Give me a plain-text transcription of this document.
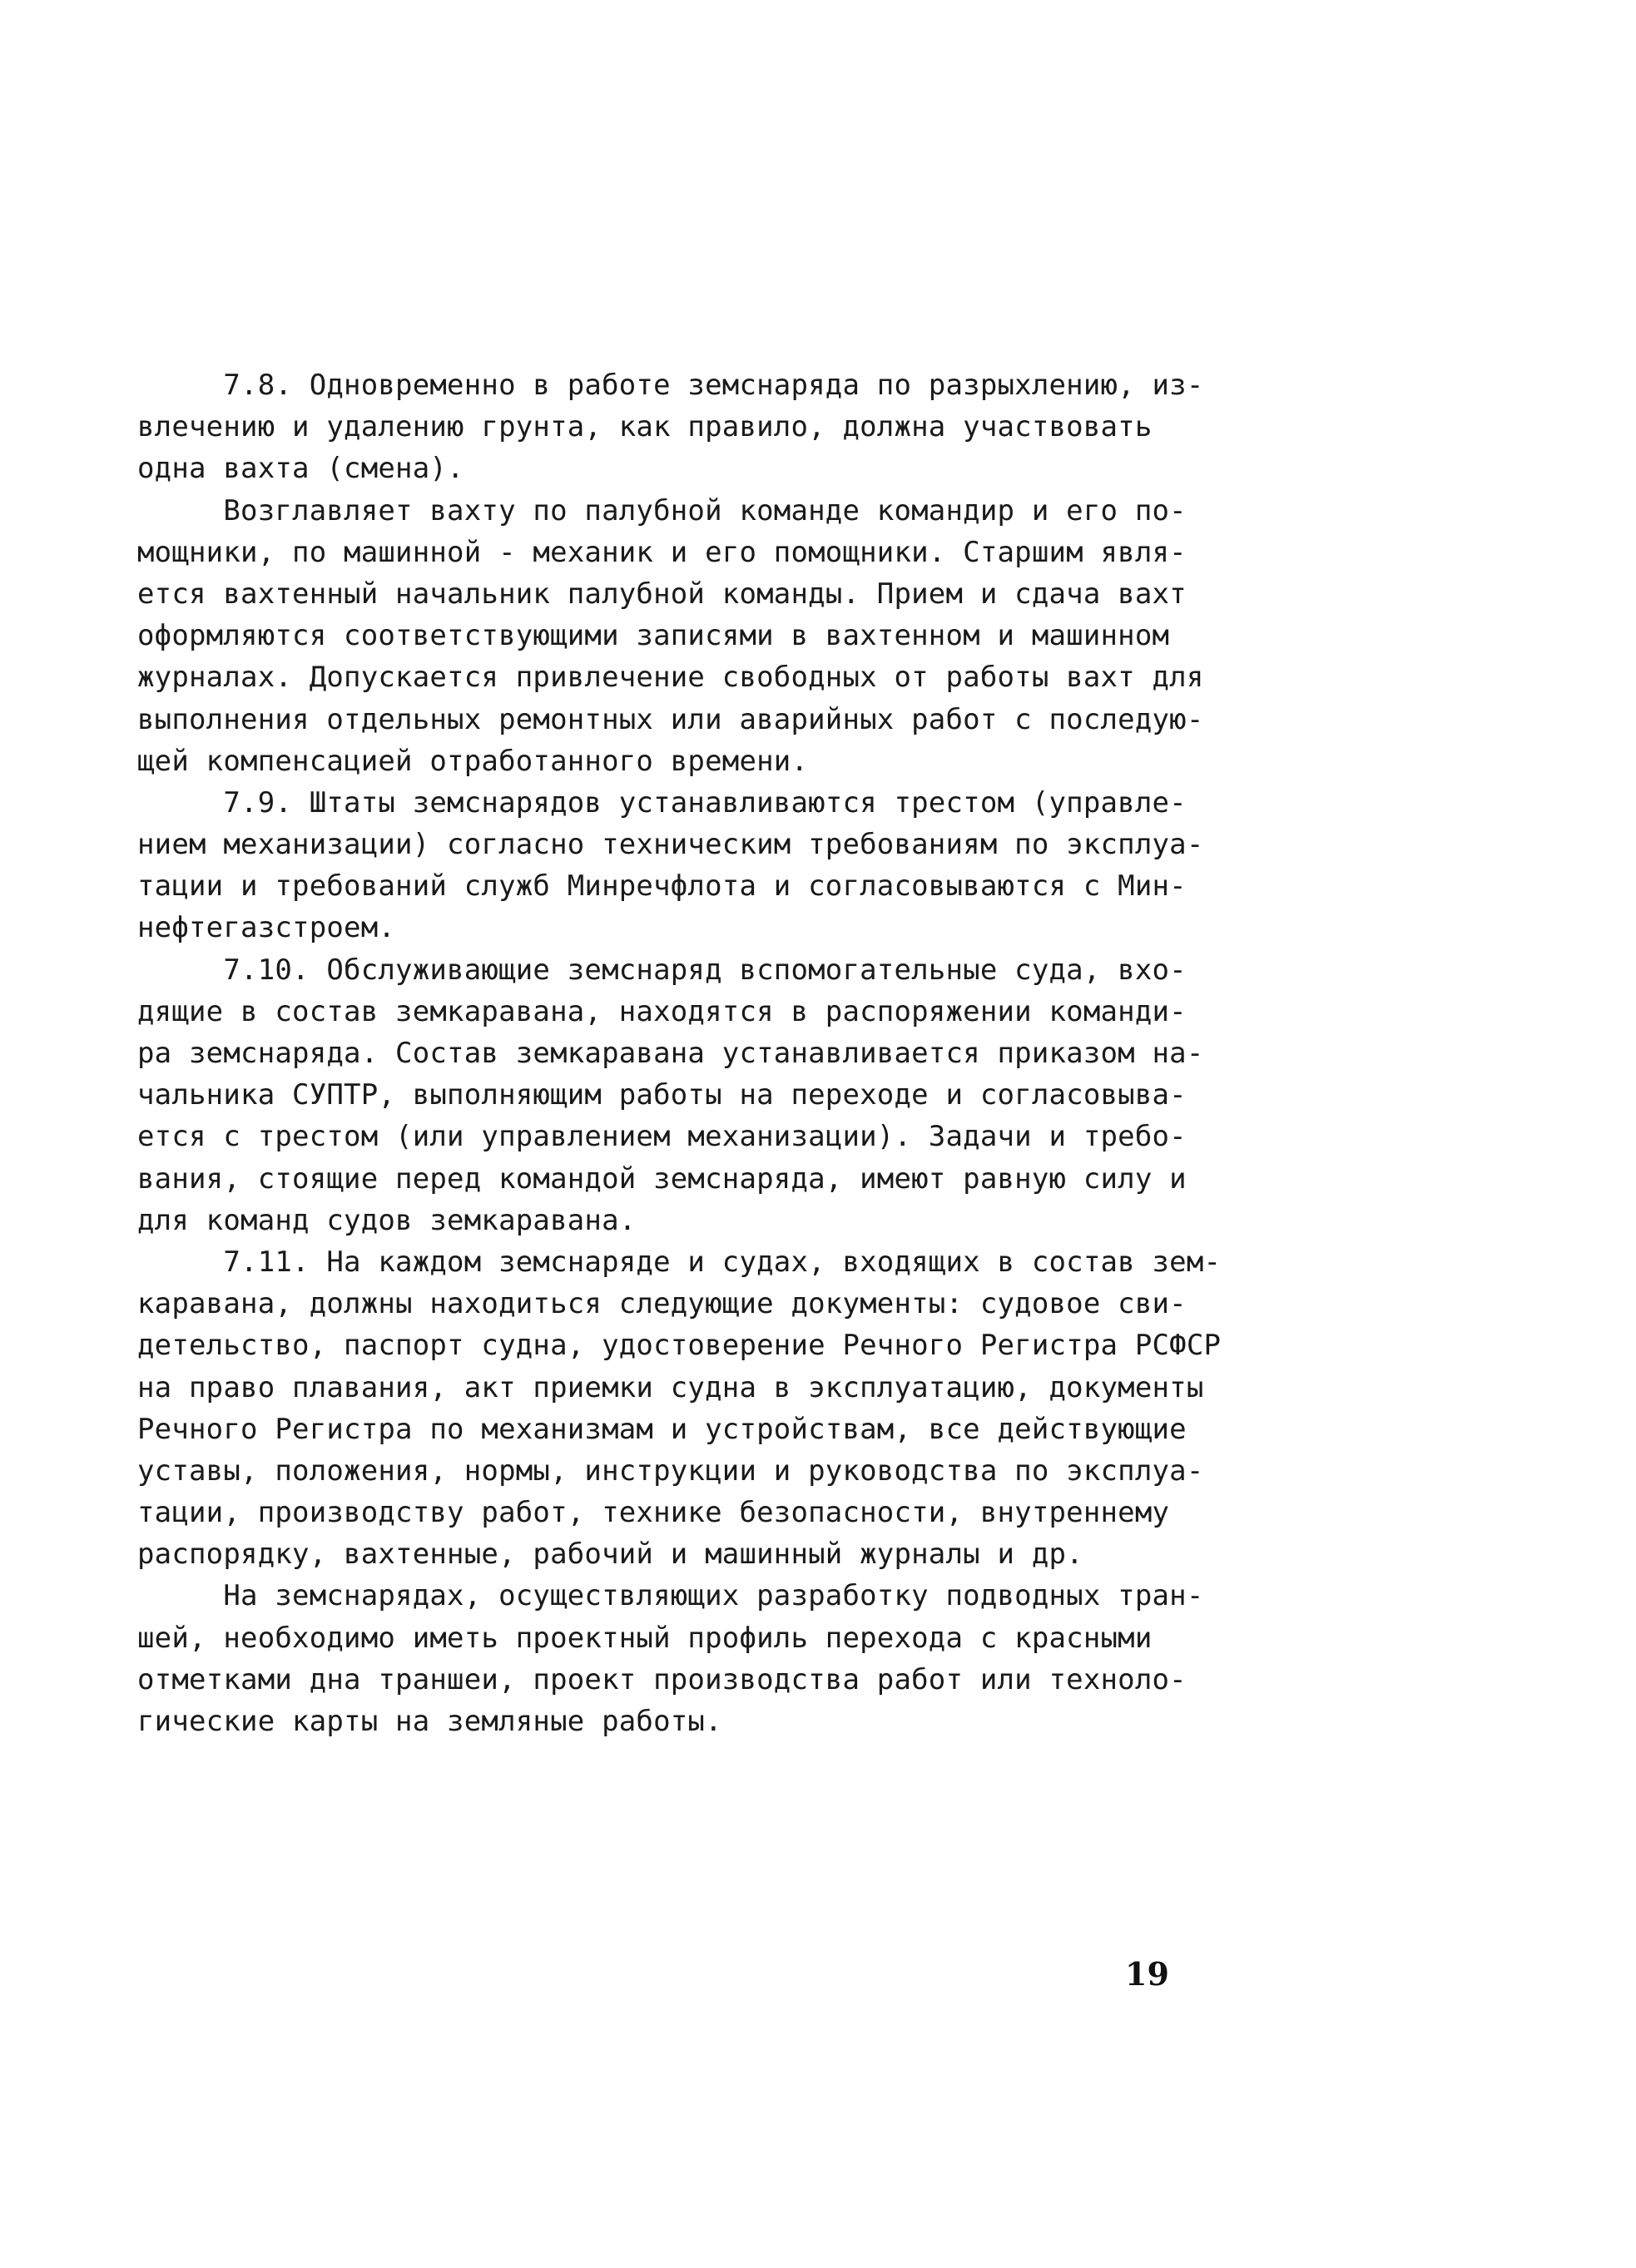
7.8. Одновременно в работе земснаряда по разрыхлению, из-
влечению и удалению грунта, как правило, должна участвовать
одна вахта (смена).
Возглавляет вахту по палубной команде командир и его по-
мощники, по машинной - механик и его помощники. Старшим явля-
ется вахтенный начальник палубной команды. Прием и сдача вахт
оформляются соответствующими записями в вахтенном и машинном
журналах. Допускается привлечение свободных от работы вахт для
выполнения отдельных ремонтных или аварийных работ с последую-
щей компенсацией отработанного времени.
7.9. Штаты земснарядов устанавливаются трестом (управле-
нием механизации) согласно техническим требованиям по эксплуа-
тации и требований служб Минречфлота и согласовываются с Мин-
нефтегазстроем.
7.10. Обслуживающие земснаряд вспомогательные суда, вхо-
дящие в состав земкаравана, находятся в распоряжении команди-
ра земснаряда. Состав земкаравана устанавливается приказом на-
чальника СУПТР, выполняющим работы на переходе и согласовыва-
ется с трестом (или управлением механизации). Задачи и требо-
вания, стоящие перед командой земснаряда, имеют равную силу и
для команд судов земкаравана.
7.11. На каждом земснаряде и судах, входящих в состав зем-
каравана, должны находиться следующие документы: судовое сви-
детельство, паспорт судна, удостоверение Речного Регистра РСФСР
на право плавания, акт приемки судна в эксплуатацию, документы
Речного Регистра по механизмам и устройствам, все действующие
уставы, положения, нормы, инструкции и руководства по эксплуа-
тации, производству работ, технике безопасности, внутреннему
распорядку, вахтенные, рабочий и машинный журналы и др.
На земснарядах, осуществляющих разработку подводных тран-
шей, необходимо иметь проектный профиль перехода с красными
отметками дна траншеи, проект производства работ или техноло-
гические карты на земляные работы.
19
